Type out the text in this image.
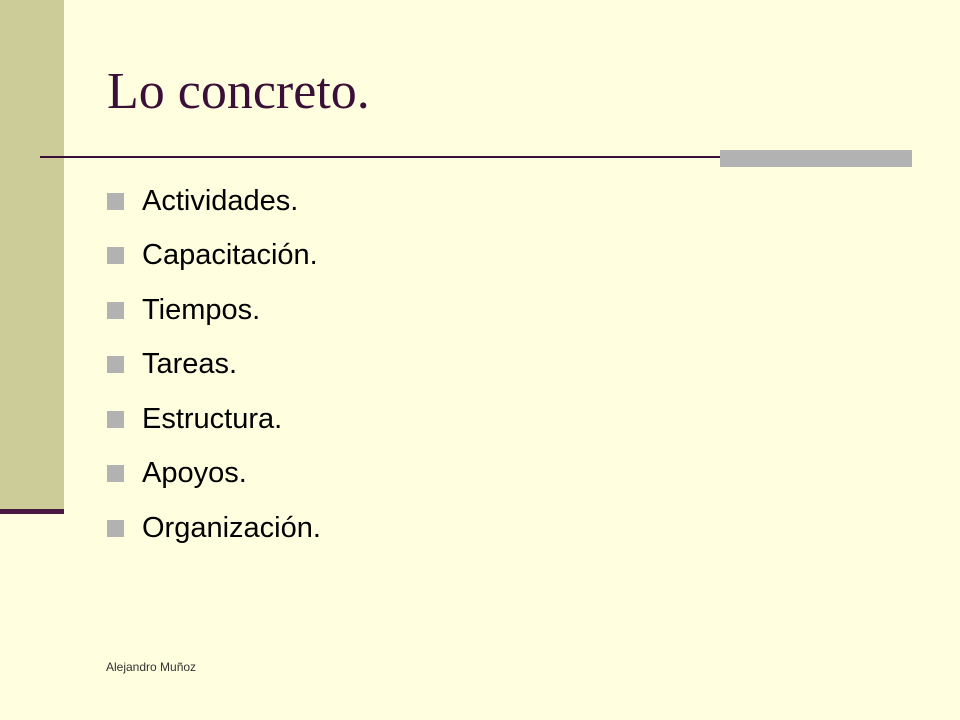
Lo concreto.
Actividades.
Capacitación.
Tiempos.
Tareas.
Estructura.
Apoyos.
Organización.
Alejandro Muñoz
